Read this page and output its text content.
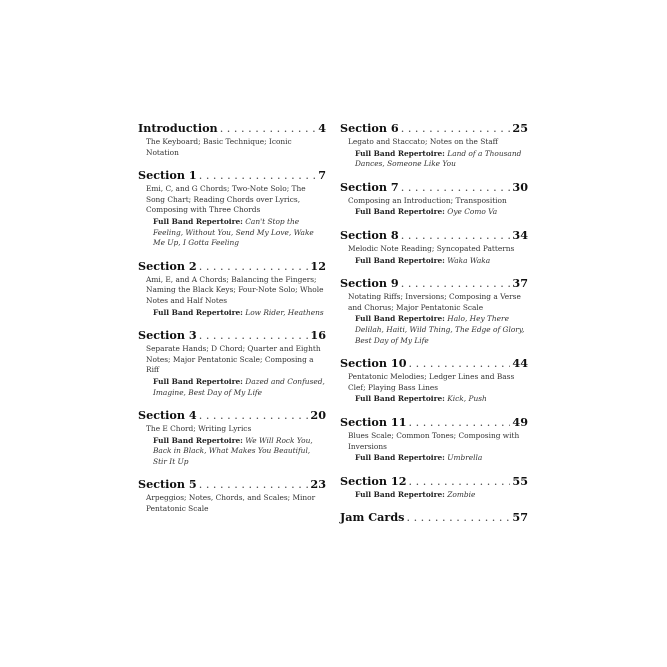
Introduction . . .	4
The Keyboard; Basic Technique; Iconic Notation
Section 1 . . .	7
Emi, C, and G Chords; Two-Note Solo; The Song Chart; Reading Chords over Lyrics, Composing with Three Chords
Full Band Repertoire: Can't Stop the Feeling, Without You, Send My Love, Wake Me Up, I Gotta Feeling
Section 2 . . .	12
Ami, E, and A Chords; Balancing the Fingers; Naming the Black Keys; Four-Note Solo; Whole Notes and Half Notes
Full Band Repertoire: Low Rider, Heathens
Section 3 . . .	16
Separate Hands; D Chord; Quarter and Eighth Notes; Major Pentatonic Scale; Composing a Riff
Full Band Repertoire: Dazed and Confused, Imagine, Best Day of My Life
Section 4 . . .	20
The E Chord; Writing Lyrics
Full Band Repertoire: We Will Rock You, Back in Black, What Makes You Beautiful, Stir It Up
Section 5 . . .	23
Arpeggios; Notes, Chords, and Scales; Minor Pentatonic Scale
Section 6 . . .	25
Legato and Staccato; Notes on the Staff
Full Band Repertoire: Land of a Thousand Dances, Someone Like You
Section 7 . . .	30
Composing an Introduction; Transposition
Full Band Repertoire: Oye Como Va
Section 8 . . .	34
Melodic Note Reading; Syncopated Patterns
Full Band Repertoire: Waka Waka
Section 9 . . .	37
Notating Riffs; Inversions; Composing a Verse and Chorus; Major Pentatonic Scale
Full Band Repertoire: Halo, Hey There Delilah, Haiti, Wild Thing, The Edge of Glory, Best Day of My Life
Section 10 . . .	44
Pentatonic Melodies; Ledger Lines and Bass Clef; Playing Bass Lines
Full Band Repertoire: Kick, Push
Section 11 . . .	49
Blues Scale; Common Tones; Composing with Inversions
Full Band Repertoire: Umbrella
Section 12 . . .	55
Full Band Repertoire: Zombie
Jam Cards . . .	57
